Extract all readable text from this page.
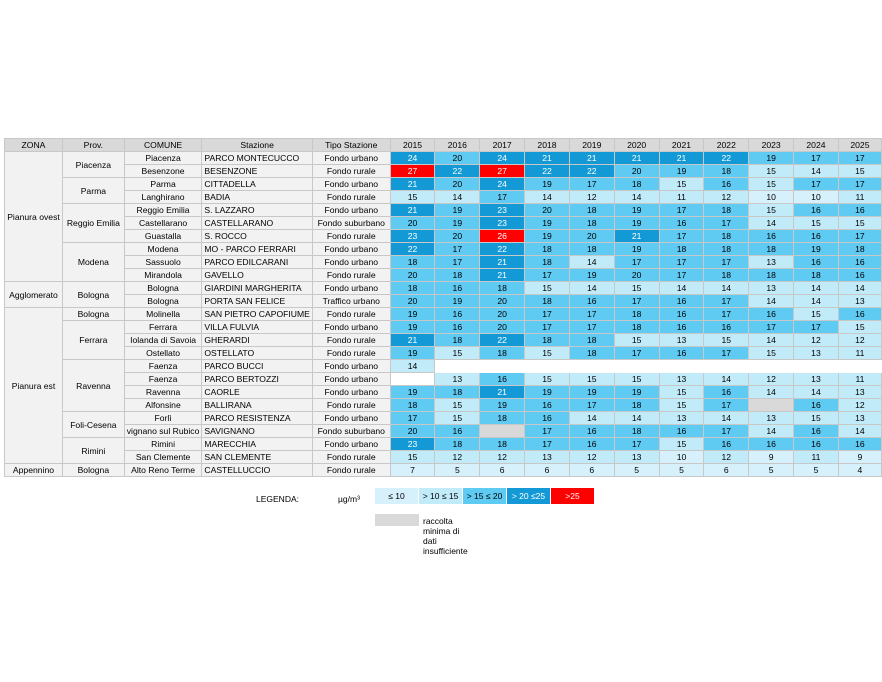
ZONA	Prov.	COMUNE	Stazione	Tipo Stazione	2015	2016	2017	2018	2019	2020	2021	2022	2023	2024	2025
Pianura ovest	Piacenza	Piacenza	PARCO MONTECUCCO	Fondo urbano	24	20	24	21	21	21	21	22	19	17	17
		Besenzone	BESENZONE	Fondo rurale	27	22	27	22	22	20	19	18	15	14	15
	Parma	Parma	CITTADELLA	Fondo urbano	21	20	24	19	17	18	15	16	15	17	17
		Langhirano	BADIA	Fondo rurale	15	14	17	14	12	14	11	12	10	10	11
	Reggio Emilia	Reggio Emilia	S. LAZZARO	Fondo urbano	21	19	23	20	18	19	17	18	15	16	16
		Castellarano	CASTELLARANO	Fondo suburbano	20	19	23	19	18	19	16	17	14	15	15
		Guastalla	S. ROCCO	Fondo rurale	23	20	26	19	20	21	17	18	16	16	17
	Modena	Modena	MO - PARCO FERRARI	Fondo urbano	22	17	22	18	18	19	18	18	18	19	18
		Sassuolo	PARCO EDILCARANI	Fondo urbano	18	17	21	18	14	17	17	17	13	16	16
		Mirandola	GAVELLO	Fondo rurale	20	18	21	17	19	20	17	18	18	18	16
Agglomerato	Bologna	Bologna	GIARDINI MARGHERITA	Fondo urbano	18	16	18	15	14	15	14	14	13	14	14
		Bologna	PORTA SAN FELICE	Traffico urbano	20	19	20	18	16	17	16	17	14	14	13
Pianura est	Bologna	Molinella	SAN PIETRO CAPOFIUME	Fondo rurale	19	16	20	17	17	18	16	17	16	15	16
	Ferrara	Ferrara	VILLA FULVIA	Fondo urbano	19	16	20	17	17	18	16	16	17	17	15
		Iolanda di Savoia	GHERARDI	Fondo rurale	21	18	22	18	18	15	13	15	14	12	12
		Ostellato	OSTELLATO	Fondo rurale	19	15	18	15	18	17	16	17	15	13	11
	Ravenna	Faenza	PARCO BUCCI	Fondo urbano	14										
		Faenza	PARCO BERTOZZI	Fondo urbano		13	16	15	15	15	13	14	12	13	11
		Ravenna	CAORLE	Fondo urbano	19	18	21	19	19	19	15	16	14	14	13
		Alfonsine	BALLIRANA	Fondo rurale	18	15	19	16	17	18	15	17		16	12
	Foli-Cesena	Forlì	PARCO RESISTENZA	Fondo urbano	17	15	18	16	14	14	13	14	13	15	13
		vignano sul Rubico	SAVIGNANO	Fondo suburbano	20	16		17	16	18	16	17	14	16	14
	Rimini	Rimini	MARECCHIA	Fondo urbano	23	18	18	17	16	17	15	16	16	16	16
		San Clemente	SAN CLEMENTE	Fondo rurale	15	12	12	13	12	13	10	12	9	11	9
Appennino	Bologna	Alto Reno Terme	CASTELLUCCIO	Fondo rurale	7	5	6	6	6	5	5	6	5	5	4
LEGENDA:	µg/m³	≤ 10	> 10 ≤ 15 > 15 ≤ 20	> 20 ≤25	>25
raccolta minima di dati insufficiente
